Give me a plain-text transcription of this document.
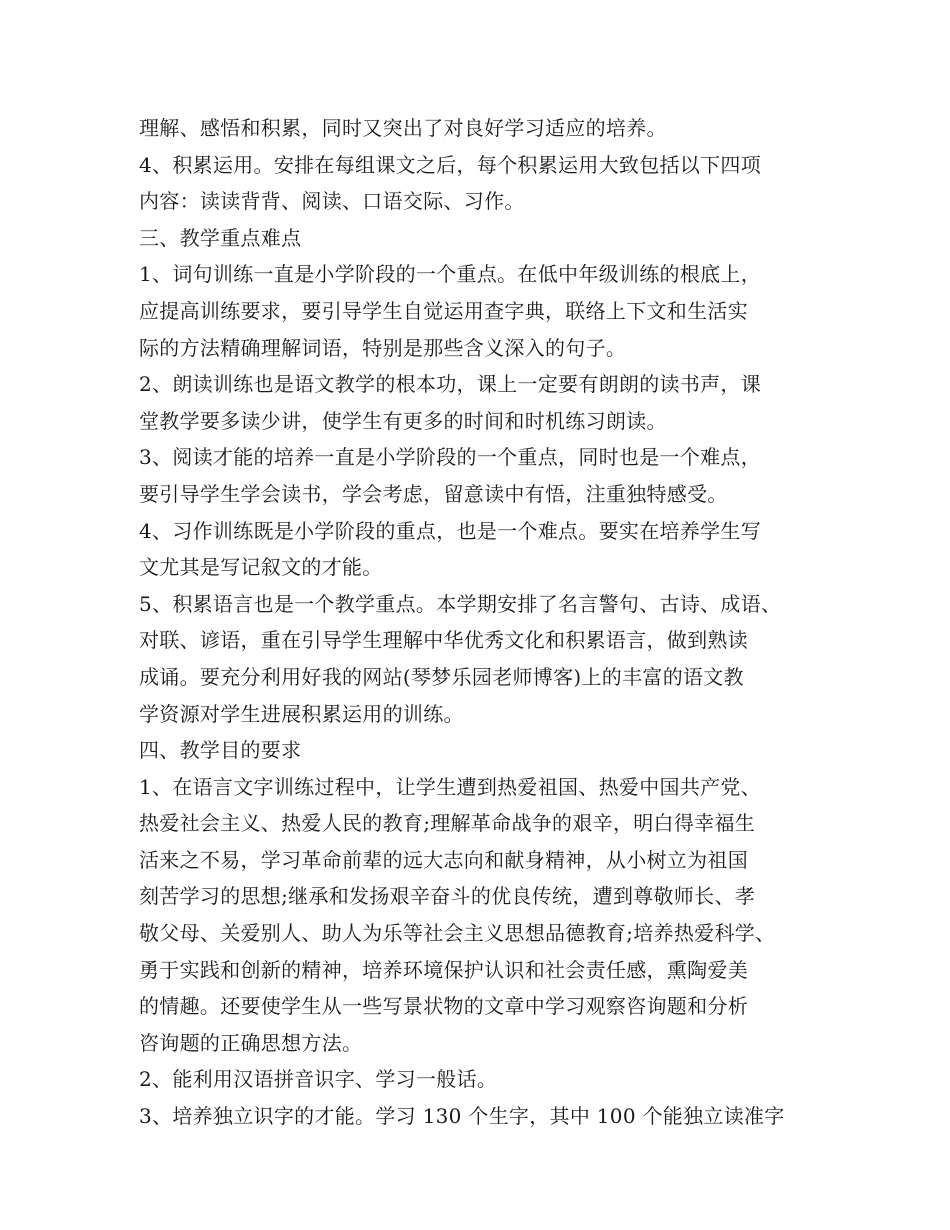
理解、感悟和积累，同时又突出了对良好学习适应的培养。
4、积累运用。安排在每组课文之后，每个积累运用大致包括以下四项
内容：读读背背、阅读、口语交际、习作。
三、教学重点难点
1、词句训练一直是小学阶段的一个重点。在低中年级训练的根底上，
应提高训练要求，要引导学生自觉运用查字典，联络上下文和生活实
际的方法精确理解词语，特别是那些含义深入的句子。
2、朗读训练也是语文教学的根本功，课上一定要有朗朗的读书声，课
堂教学要多读少讲，使学生有更多的时间和时机练习朗读。
3、阅读才能的培养一直是小学阶段的一个重点，同时也是一个难点，
要引导学生学会读书，学会考虑，留意读中有悟，注重独特感受。
4、习作训练既是小学阶段的重点，也是一个难点。要实在培养学生写
文尤其是写记叙文的才能。
5、积累语言也是一个教学重点。本学期安排了名言警句、古诗、成语、
对联、谚语，重在引导学生理解中华优秀文化和积累语言，做到熟读
成诵。要充分利用好我的网站(琴梦乐园老师博客)上的丰富的语文教
学资源对学生进展积累运用的训练。
四、教学目的要求
1、在语言文字训练过程中，让学生遭到热爱祖国、热爱中国共产党、
热爱社会主义、热爱人民的教育;理解革命战争的艰辛，明白得幸福生
活来之不易，学习革命前辈的远大志向和献身精神，从小树立为祖国
刻苦学习的思想;继承和发扬艰辛奋斗的优良传统，遭到尊敬师长、孝
敬父母、关爱别人、助人为乐等社会主义思想品德教育;培养热爱科学、
勇于实践和创新的精神，培养环境保护认识和社会责任感，熏陶爱美
的情趣。还要使学生从一些写景状物的文章中学习观察咨询题和分析
咨询题的正确思想方法。
2、能利用汉语拼音识字、学习一般话。
3、培养独立识字的才能。学习 130 个生字，其中 100 个能独立读准字
